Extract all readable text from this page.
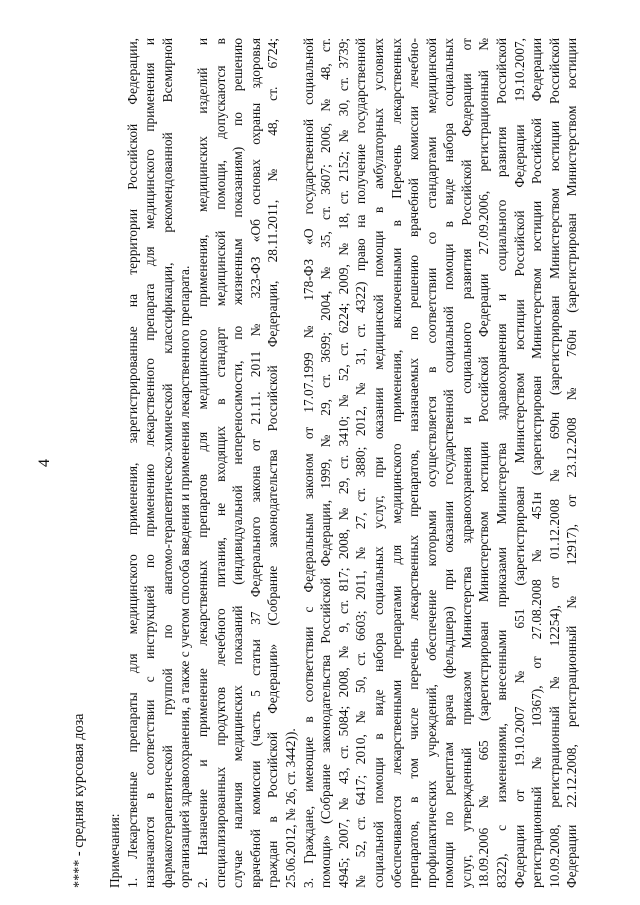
4
**** - средняя курсовая доза Примечания: 1. Лекарственные препараты для медицинского применения, зарегистрированные на территории Российской Федерации, назначаются в соответствии с инструкцией по применению лекарственного препарата для медицинского применения и фармакотерапевтической группой по анатомо-терапевтическо-химической классификации, рекомендованной Всемирной организацией здравоохранения, а также с учетом способа введения и применения лекарственного препарата. 2. Назначение и применение лекарственных препаратов для медицинского применения, медицинских изделий и специализированных продуктов лечебного питания, не входящих в стандарт медицинской помощи, допускаются в случае наличия медицинских показаний (индивидуальной непереносимости, по жизненным показаниям) по решению врачебной комиссии (часть 5 статьи 37 Федерального закона от 21.11. 2011 № 323-ФЗ «Об основах охраны здоровья граждан в Российской Федерации» (Собрание законодательства Российской Федерации, 28.11.2011, № 48, ст. 6724; 25.06.2012, № 26, ст. 3442)). 3. Граждане, имеющие в соответствии с Федеральным законом от 17.07.1999 № 178-ФЗ «О государственной социальной помощи» (Собрание законодательства Российской Федерации, 1999, № 29, ст. 3699; 2004, № 35, ст. 3607; 2006, № 48, ст. 4945; 2007, № 43, ст. 5084; 2008, № 9, ст. 817; 2008, № 29, ст. 3410; № 52, ст. 6224; 2009, № 18, ст. 2152; № 30, ст. 3739; № 52, ст. 6417; 2010, № 50, ст. 6603; 2011, № 27, ст. 3880; 2012, № 31, ст. 4322) право на получение государственной социальной помощи в виде набора социальных услуг, при оказании медицинской помощи в амбулаторных условиях обеспечиваются лекарственными препаратами для медицинского применения, включенными в Перечень лекарственных препаратов, в том числе перечень лекарственных препаратов, назначаемых по решению врачебной комиссии лечебно- профилактических учреждений, обеспечение которыми осуществляется в соответствии со стандартами медицинской помощи по рецептам врача (фельдшера) при оказании государственной социальной помощи в виде набора социальных услуг, утвержденный приказом Министерства здравоохранения и социального развития Российской Федерации от 18.09.2006 № 665 (зарегистрирован Министерством юстиции Российской Федерации 27.09.2006, регистрационный № 8322), с изменениями, внесенными приказами Министерства здравоохранения и социального развития Российской Федерации от 19.10.2007 № 651 (зарегистрирован Министерством юстиции Российской Федерации 19.10.2007, регистрационный № 10367), от 27.08.2008 № 451н (зарегистрирован Министерством юстиции Российской Федерации 10.09.2008, регистрационный № 12254), от 01.12.2008 № 690н (зарегистрирован Министерством юстиции Российской Федерации 22.12.2008, регистрационный № 12917), от 23.12.2008 № 760н (зарегистрирован Министерством юстиции
